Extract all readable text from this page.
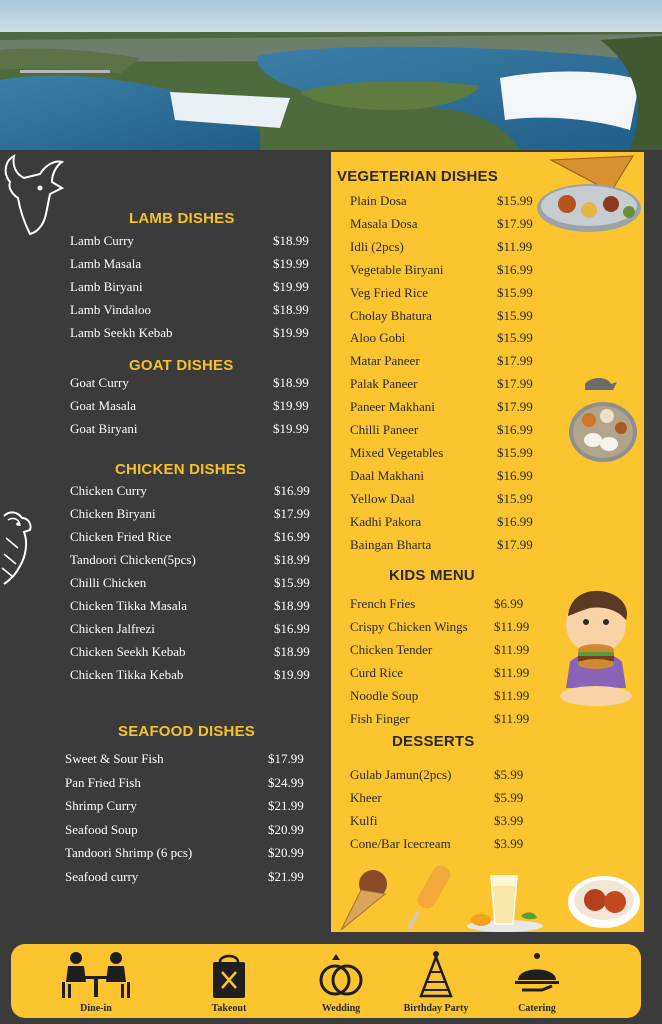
LAMB DISHES
Lamb Curry	$18.99
Lamb Masala	$19.99
Lamb Biryani	$19.99
Lamb Vindaloo	$18.99
Lamb Seekh Kebab	$19.99
GOAT DISHES
Goat Curry	$18.99
Goat Masala	$19.99
Goat Biryani	$19.99
CHICKEN DISHES
Chicken Curry	$16.99
Chicken Biryani	$17.99
Chicken Fried Rice	$16.99
Tandoori Chicken(5pcs)	$18.99
Chilli Chicken	$15.99
Chicken Tikka Masala	$18.99
Chicken Jalfrezi	$16.99
Chicken Seekh Kebab	$18.99
Chicken Tikka Kebab	$19.99
SEAFOOD DISHES
Sweet & Sour Fish	$17.99
Pan Fried Fish	$24.99
Shrimp Curry	$21.99
Seafood Soup	$20.99
Tandoori Shrimp (6 pcs)	$20.99
Seafood curry	$21.99
VEGETERIAN DISHES
Plain Dosa	$15.99
Masala Dosa	$17.99
Idli (2pcs)	$11.99
Vegetable Biryani	$16.99
Veg Fried Rice	$15.99
Cholay Bhatura	$15.99
Aloo Gobi	$15.99
Matar Paneer	$17.99
Palak Paneer	$17.99
Paneer Makhani	$17.99
Chilli Paneer	$16.99
Mixed Vegetables	$15.99
Daal Makhani	$16.99
Yellow Daal	$15.99
Kadhi Pakora	$16.99
Baingan Bharta	$17.99
KIDS MENU
French Fries	$6.99
Crispy Chicken Wings $11.99
Chicken Tender	$11.99
Curd Rice	$11.99
Noodle Soup	$11.99
Fish Finger	$11.99
DESSERTS
Gulab Jamun(2pcs)	$5.99
Kheer	$5.99
Kulfi	$3.99
Cone/Bar Icecream	$3.99
Dine-in	Takeout	Wedding	Birthday Party	Catering
